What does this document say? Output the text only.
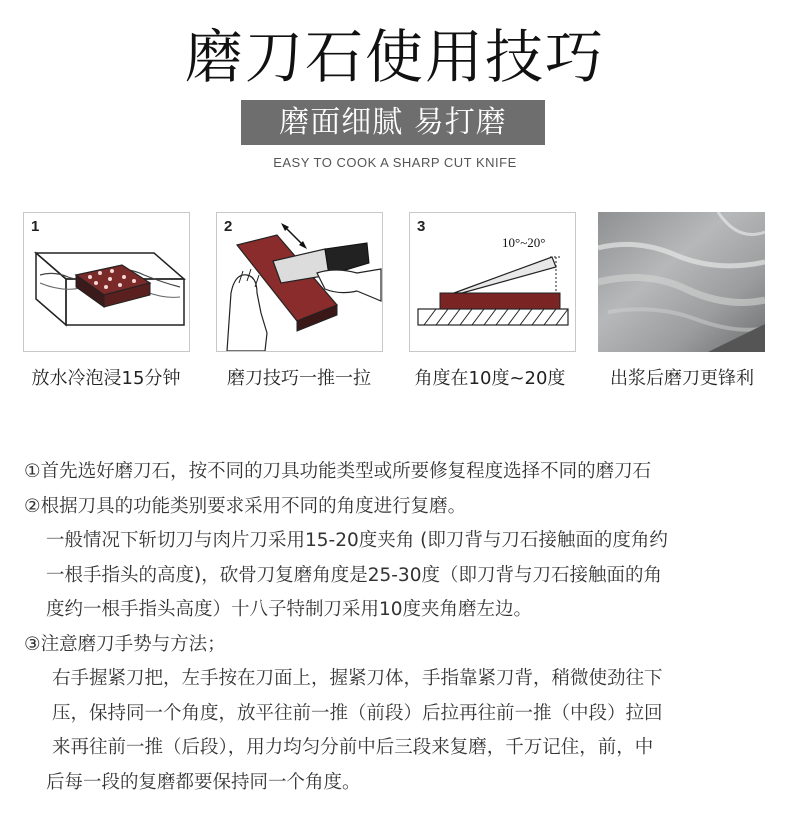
磨刀石使用技巧
磨面细腻 易打磨
EASY TO COOK A SHARP CUT KNIFE
1	2	3
10°~20°
放水冷泡浸15分钟	磨刀技巧一推一拉	角度在10度~20度	出浆后磨刀更锋利

①首先选好磨刀石，按不同的刀具功能类型或所要修复程度选择不同的磨刀石

②根据刀具的功能类别要求采用不同的角度进行复磨。

一般情况下斩切刀与肉片刀采用15-20度夹角 (即刀背与刀石接触面的度角约

一根手指头的高度)，砍骨刀复磨角度是25-30度（即刀背与刀石接触面的角

度约一根手指头高度）十八子特制刀采用10度夹角磨左边。

③注意磨刀手势与方法；

右手握紧刀把，左手按在刀面上，握紧刀体，手指靠紧刀背，稍微使劲往下

压，保持同一个角度，放平往前一推（前段）后拉再往前一推（中段）拉回

来再往前一推（后段），用力均匀分前中后三段来复磨，千万记住，前，中

后每一段的复磨都要保持同一个角度。
